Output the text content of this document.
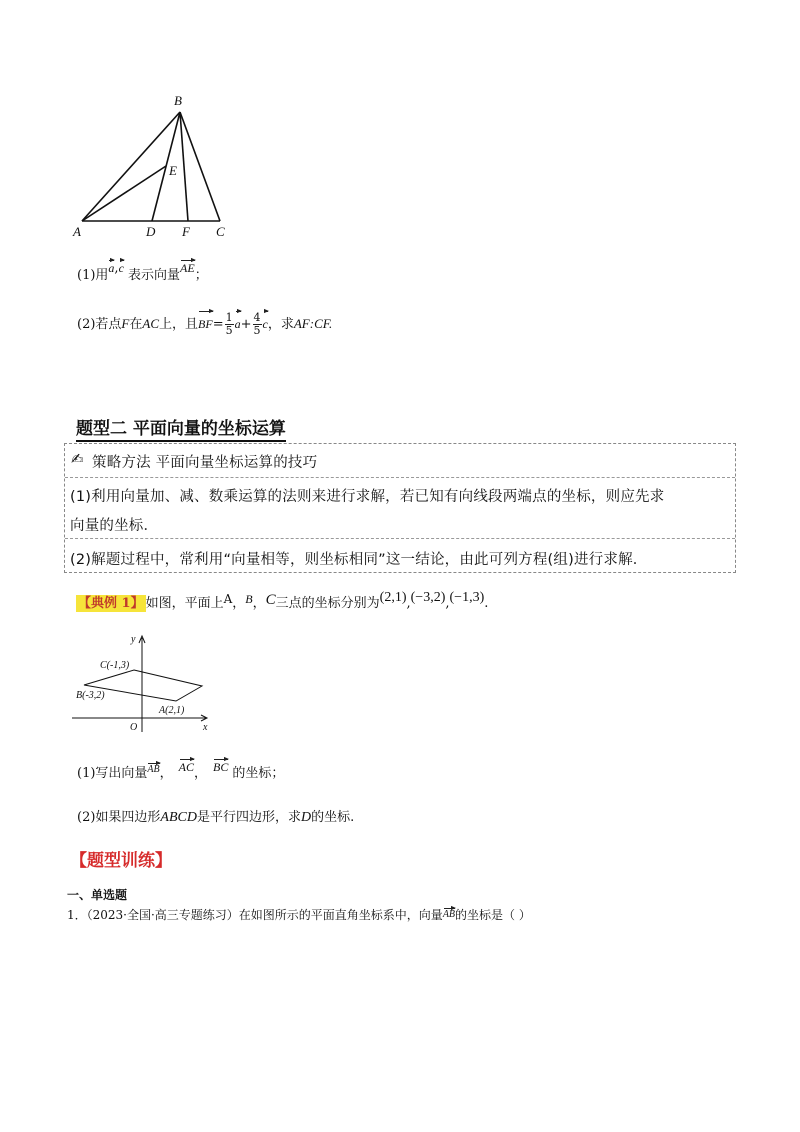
B
E
A	D F C
(1)用a,c 表示向量AE；
(2)若点F在AC上，且$BF= \frac{1}{5} a+ \frac{4}{5}$ c，求AF:CF.
题型二 平面向量的坐标运算
✍ 策略方法 平面向量坐标运算的技巧
(1)利用向量加、减、数乘运算的法则来进行求解，若已知有向线段两端点的坐标，则应先求
向量的坐标．
(2)解题过程中，常利用“向量相等，则坐标相同”这一结论，由此可列方程(组)进行求解．
【典例 1】 如图，平面上A，B，C三点的坐标分别为(2,1),(−3,2),(−1,3).
y
x
O
C(-1,3)
B(-3,2)
A(2,1)
(1)写出向量AB， AC， BC 的坐标；
(2)如果四边形ABCD是平行四边形，求D的坐标.
【题型训练】
一、单选题
1．（2023·全国·高三专题练习）在如图所示的平面直角坐标系中，向量AB的坐标是（ ）
